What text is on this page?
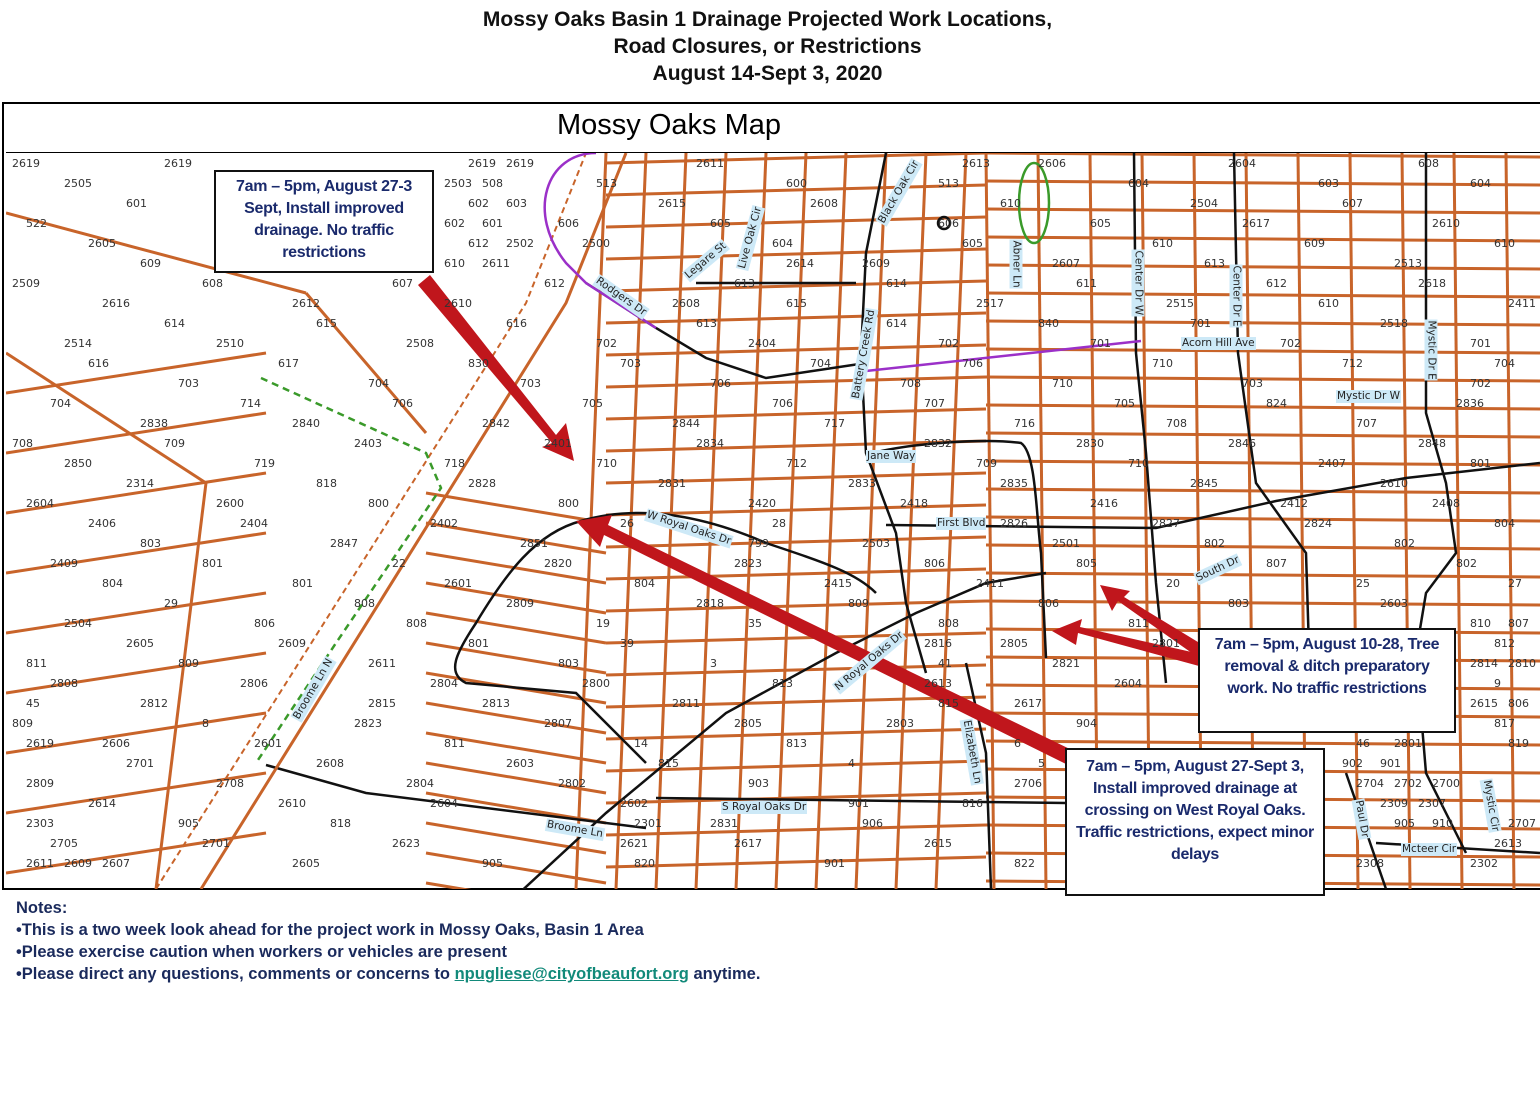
Mossy Oaks Basin 1 Drainage Projected Work Locations,
Road Closures, or Restrictions
August 14-Sept 3, 2020
Mossy Oaks Map
2619	2619	2619 2619	2611	2613	2606	2604	608
2505	2503 508	513	600	513	604	603	604
601	602 603	2615	2608	610	2504	607
522	602 601	606	605	606	605	2617	2610
2605	612 2502	2500	604	605	610	609	610
609	610 2611	2614	2609	2607	613	2513
2509	608	607	612	613	614	611	612	2618
2616	2612	2610	2608	615	2517	2515	610	2411
614	615	616	613	614	840	701	2518
2514	2510	2508	702	2404	702	701	702	701
616	617	830	703	704	706	710	712	704
703	704	703	706	708	710	703	702
704	714	706	705	706	707	705	824	2836
2838	2840	2842	2844	717	716	708	707
708	709	2403	2401	2834	2832	2830	2846	2848
2850	719	718	710	712	709	710	2407	801
2314	818	2828	2831	2833	2835	2845	2610
2604	2600	800	800	2420	2418	2416	2412	2408
2406	2404	2402	26	28	2826	2827	2824	804
803	2847	2851	799	2503	2501	802	802
2409	801	22	2820	2823	806	805	807	802
804	801	2601	804	2415	2411	20	25	27
29	808	2809	2818	809	806	803	2603
2504	806	808	19	35	808	811	810 807
2605	2609	801	39	2816	2805	2801	812
811	809	2611	803	3	41	2821	2814 2810
2808	2806	2804	2800	813	2613	2604	9
45	2812	2815	2813	2811	815	2617	2615 806
809	8	2823	2807	2805	2803	904	817
2619	2606	2601	811	14	813	6	46 2801	819
2701	2608	2603	815	4	5	902 901
2809	2708	2804	2802	903	2706	2704 2702 2700
2614	2610	2604	2602	901	816	2309 2307
2303	905	818	2301	2831	906	905 910	2707
2705	2701	2623	2621	2617	2615	2613
2611 2609 2607	2605	905	820	901	822	2308	2302
Rodgers Dr
Legare St Live Oak Cir
Black Oak Cir
Battery Creek Rd
Abner Ln	Center Dr W	Center Dr E
Acorn Hill Ave
Mystic Dr W
Mystic Dr E
Jane Way
First Blvd
W Royal Oaks Dr
N Royal Oaks Dr
S Royal Oaks Dr
Broome Ln
Broome Ln N
South Dr
Elizabeth Ln
Paul Dr
Mcteer Cir
Mystic Cir
7am – 5pm, August 27-3 Sept, Install improved drainage. No traffic restrictions
7am – 5pm, August 10-28, Tree removal & ditch preparatory work. No traffic restrictions
7am – 5pm, August 27-Sept 3, Install improved drainage at crossing on West Royal Oaks. Traffic restrictions, expect minor delays
Notes:
•This is a two week look ahead for the project work in Mossy Oaks, Basin 1 Area
•Please exercise caution when workers or vehicles are present
•Please direct any questions, comments or concerns to npugliese@cityofbeaufort.org anytime.
